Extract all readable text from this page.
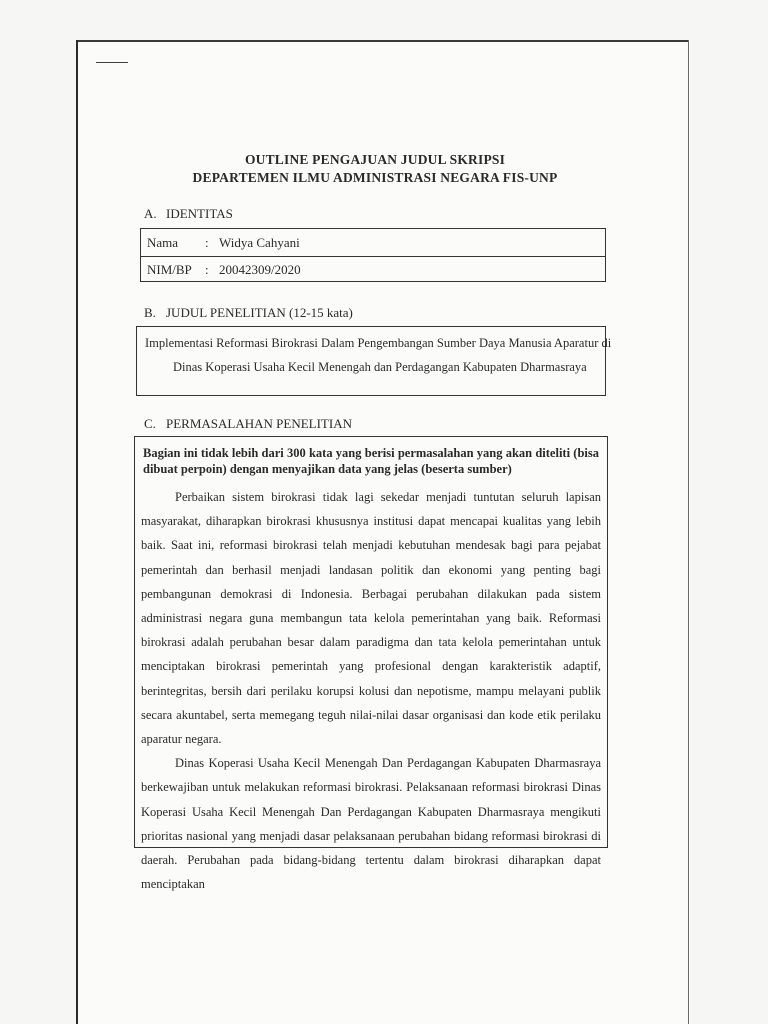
OUTLINE PENGAJUAN JUDUL SKRIPSI
DEPARTEMEN ILMU ADMINISTRASI NEGARA FIS-UNP
A. IDENTITAS
Nama : Widya Cahyani
NIM/BP : 20042309/2020
B. JUDUL PENELITIAN (12-15 kata)
Implementasi Reformasi Birokrasi Dalam Pengembangan Sumber Daya Manusia Aparatur di
Dinas Koperasi Usaha Kecil Menengah dan Perdagangan Kabupaten Dharmasraya
C. PERMASALAHAN PENELITIAN
Bagian ini tidak lebih dari 300 kata yang berisi permasalahan yang akan diteliti (bisa dibuat perpoin) dengan menyajikan data yang jelas (beserta sumber)

Perbaikan sistem birokrasi tidak lagi sekedar menjadi tuntutan seluruh lapisan masyarakat, diharapkan birokrasi khususnya institusi dapat mencapai kualitas yang lebih baik. Saat ini, reformasi birokrasi telah menjadi kebutuhan mendesak bagi para pejabat pemerintah dan berhasil menjadi landasan politik dan ekonomi yang penting bagi pembangunan demokrasi di Indonesia. Berbagai perubahan dilakukan pada sistem administrasi negara guna membangun tata kelola pemerintahan yang baik. Reformasi birokrasi adalah perubahan besar dalam paradigma dan tata kelola pemerintahan untuk menciptakan birokrasi pemerintah yang profesional dengan karakteristik adaptif, berintegritas, bersih dari perilaku korupsi kolusi dan nepotisme, mampu melayani publik secara akuntabel, serta memegang teguh nilai-nilai dasar organisasi dan kode etik perilaku aparatur negara.

Dinas Koperasi Usaha Kecil Menengah Dan Perdagangan Kabupaten Dharmasraya berkewajiban untuk melakukan reformasi birokrasi. Pelaksanaan reformasi birokrasi Dinas Koperasi Usaha Kecil Menengah Dan Perdagangan Kabupaten Dharmasraya mengikuti prioritas nasional yang menjadi dasar pelaksanaan perubahan bidang reformasi birokrasi di daerah. Perubahan pada bidang-bidang tertentu dalam birokrasi diharapkan dapat menciptakan
